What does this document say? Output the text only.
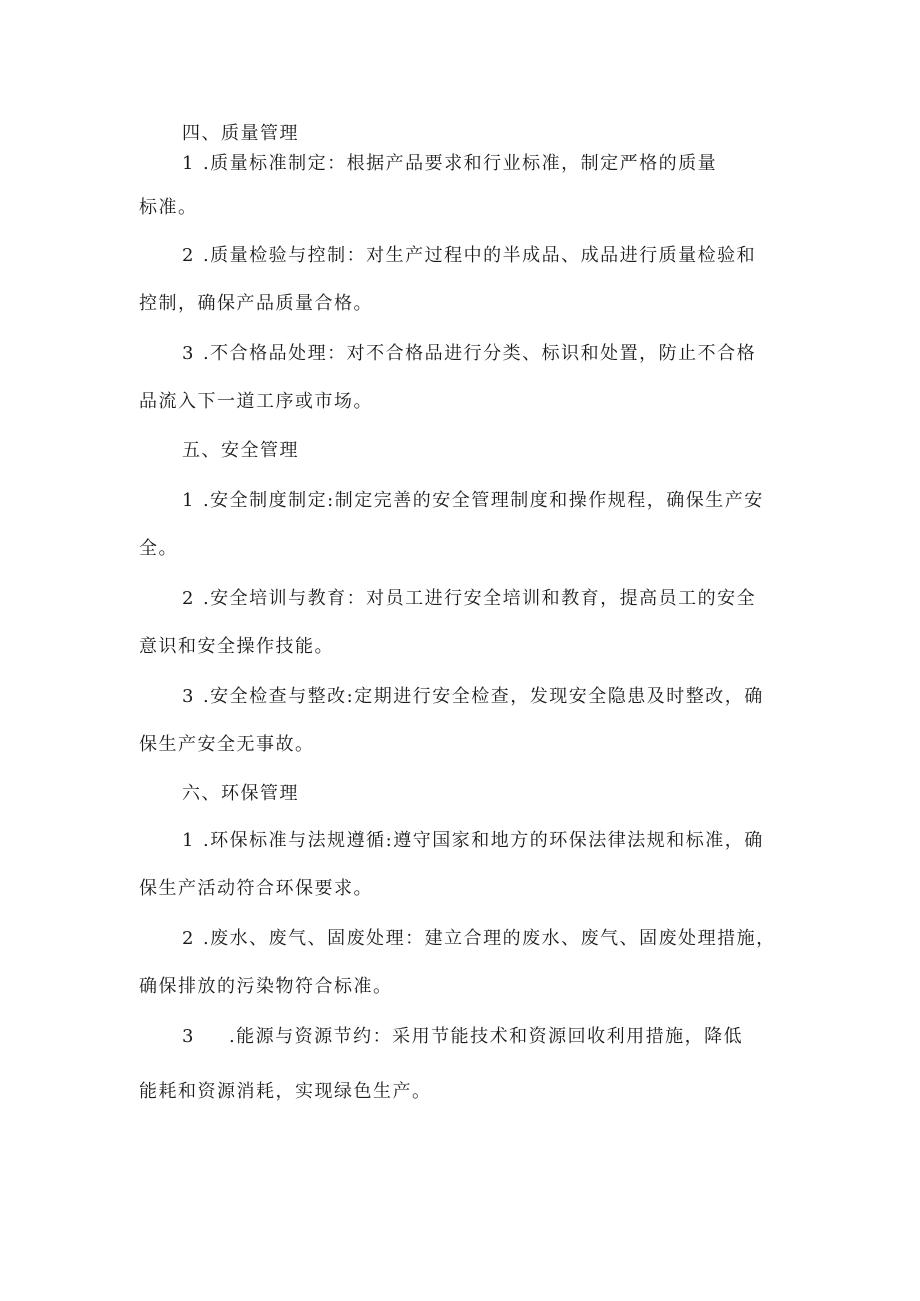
四、质量管理
1 .质量标准制定：根据产品要求和行业标准，制定严格的质量
标准。
2 .质量检验与控制：对生产过程中的半成品、成品进行质量检验和
控制，确保产品质量合格。
3 .不合格品处理：对不合格品进行分类、标识和处置，防止不合格
品流入下一道工序或市场。
五、安全管理
1 .安全制度制定:制定完善的安全管理制度和操作规程，确保生产安
全。
2 .安全培训与教育：对员工进行安全培训和教育，提高员工的安全
意识和安全操作技能。
3 .安全检查与整改:定期进行安全检查，发现安全隐患及时整改，确
保生产安全无事故。
六、环保管理
1 .环保标准与法规遵循:遵守国家和地方的环保法律法规和标准，确
保生产活动符合环保要求。
2 .废水、废气、固废处理：建立合理的废水、废气、固废处理措施，
确保排放的污染物符合标准。
3 .能源与资源节约：采用节能技术和资源回收利用措施，降低
能耗和资源消耗，实现绿色生产。
